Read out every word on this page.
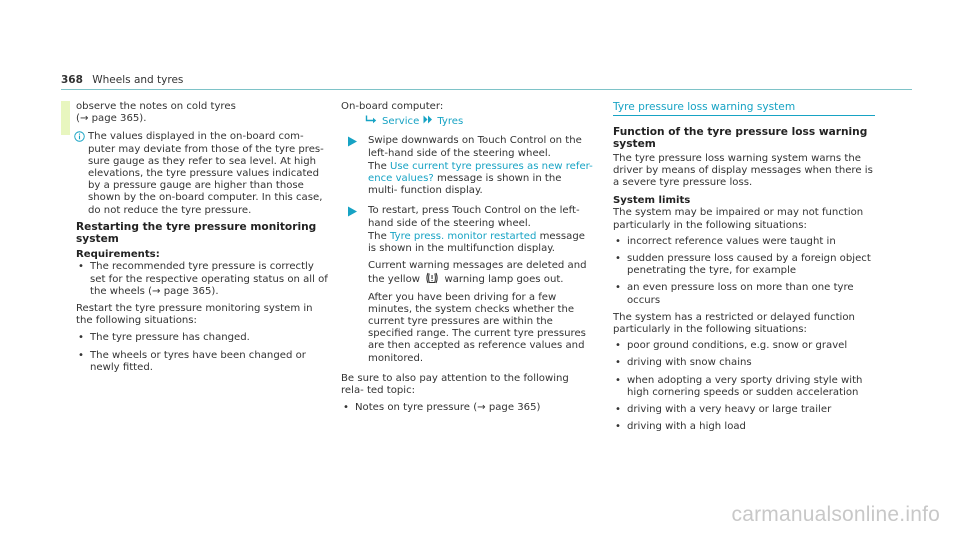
368 Wheels and tyres

observe the notes on cold tyres

(→ page 365).

The values displayed in the on-board com- puter may deviate from those of the tyre pres- sure gauge as they refer to sea level. At high elevations, the tyre pressure values indicated by a pressure gauge are higher than those shown by the on-board computer. In this case, do not reduce the tyre pressure.

Restarting the tyre pressure monitoring system
Requirements:
• The recommended tyre pressure is correctly set for the respective operating status on all of the wheels (→ page 365).

Restart the tyre pressure monitoring system in the following situations:

• The tyre pressure has changed.
• The wheels or tyres have been changed or newly fitted.

On-board computer:

Service Tyres

Swipe downwards on Touch Control on the left-hand side of the steering wheel.

The Use current tyre pressures as new refer- ence values? message is shown in the multi- function display.

To restart, press Touch Control on the left- hand side of the steering wheel.

The Tyre press. monitor restarted message is shown in the multifunction display.

Current warning messages are deleted and

the yellow warning lamp goes out.

After you have been driving for a few minutes, the system checks whether the current tyre pressures are within the specified range. The current tyre pressures are then accepted as reference values and monitored.

Be sure to also pay attention to the following rela- ted topic:

• Notes on tyre pressure (→ page 365)
Tyre pressure loss warning system
Function of the tyre pressure loss warning system

The tyre pressure loss warning system warns the driver by means of display messages when there is a severe tyre pressure loss.

System limits

The system may be impaired or may not function particularly in the following situations:

• incorrect reference values were taught in
• sudden pressure loss caused by a foreign object penetrating the tyre, for example
• an even pressure loss on more than one tyre occurs

The system has a restricted or delayed function particularly in the following situations:

• poor ground conditions, e.g. snow or gravel
• driving with snow chains
• when adopting a very sporty driving style with high cornering speeds or sudden acceleration
• driving with a very heavy or large trailer
• driving with a high load
carmanualsonline.info
